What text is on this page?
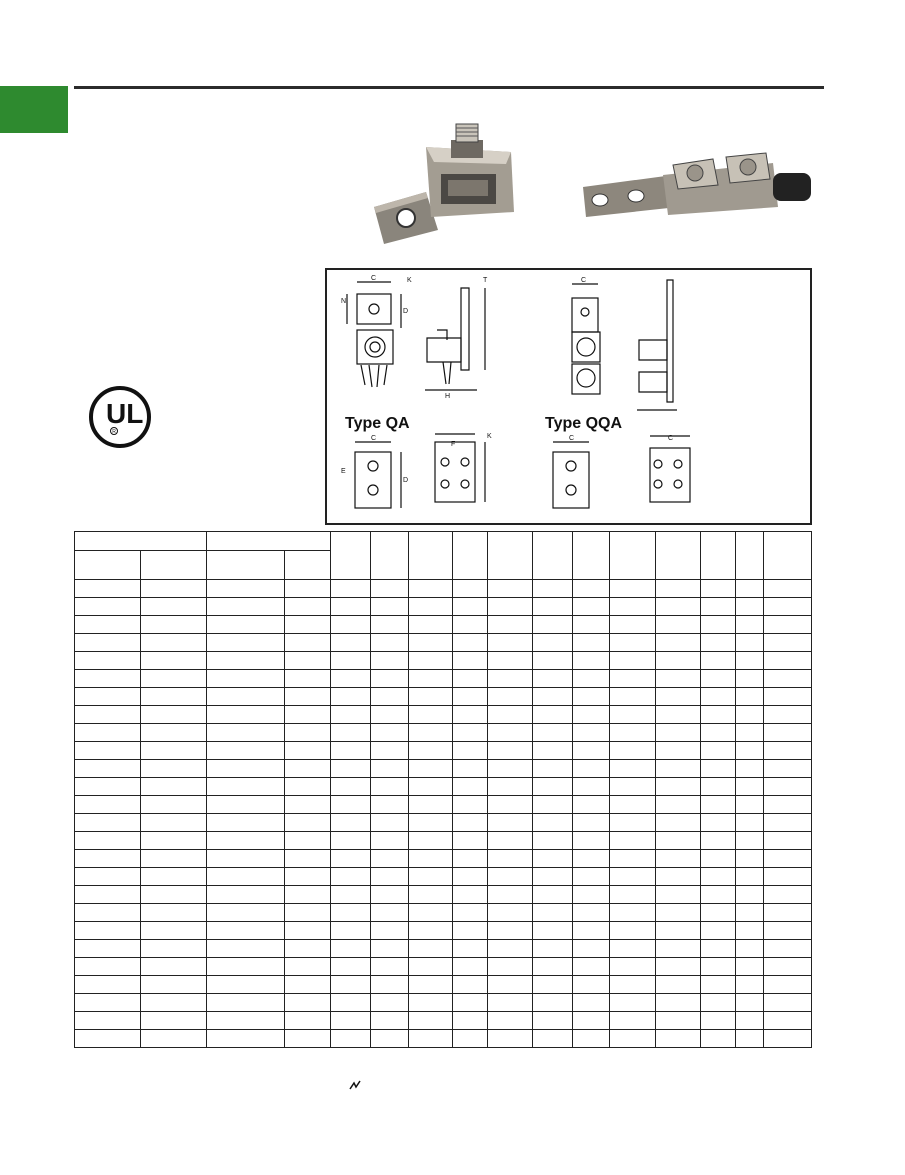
UL
R
C	K
N
D
T
H
Type QA
C
E
D
F
K
C
Type QQA
C	C
